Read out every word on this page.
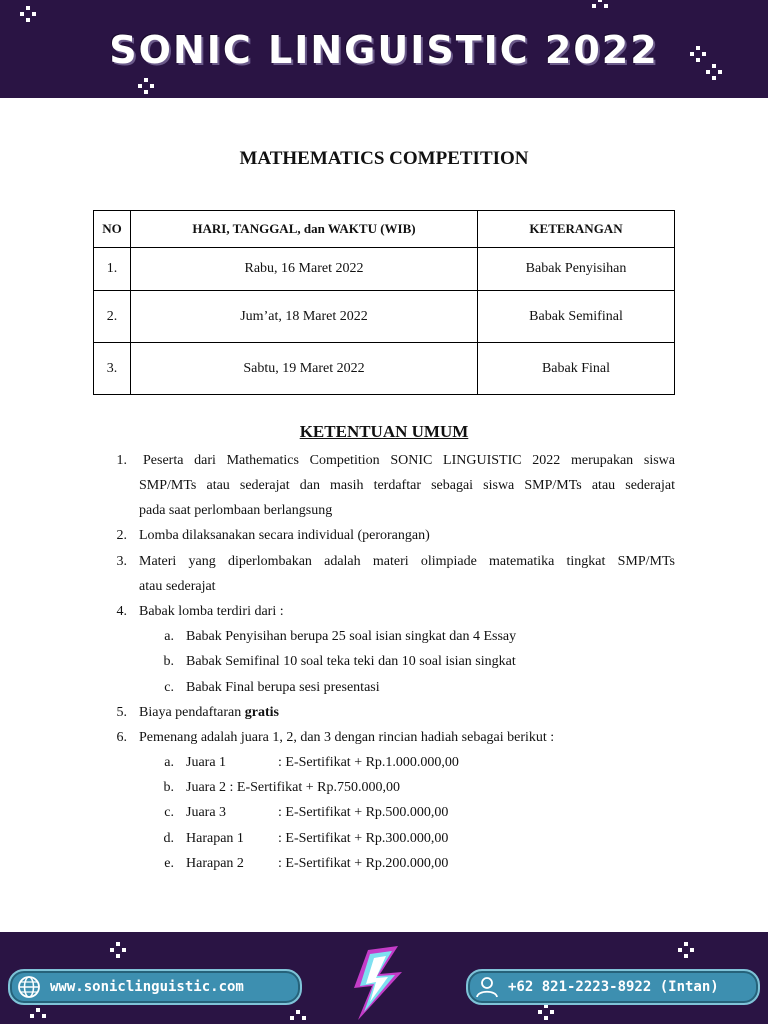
SONIC LINGUISTIC 2022
MATHEMATICS COMPETITION
NO	HARI, TANGGAL, dan WAKTU (WIB)	KETERANGAN
1.	Rabu, 16 Maret 2022	Babak Penyisihan
2.	Jum’at, 18 Maret 2022	Babak Semifinal
3.	Sabtu, 19 Maret 2022	Babak Final
KETENTUAN UMUM
1. Peserta dari Mathematics Competition SONIC LINGUISTIC 2022 merupakan siswa
SMP/MTs atau sederajat dan masih terdaftar sebagai siswa SMP/MTs atau sederajat
pada saat perlombaan berlangsung
2. Lomba dilaksanakan secara individual (perorangan)
3. Materi yang diperlombakan adalah materi olimpiade matematika tingkat SMP/MTs
atau sederajat
4. Babak lomba terdiri dari :
a. Babak Penyisihan berupa 25 soal isian singkat dan 4 Essay
b. Babak Semifinal 10 soal teka teki dan 10 soal isian singkat
c. Babak Final berupa sesi presentasi
5. Biaya pendaftaran gratis
6. Pemenang adalah juara 1, 2, dan 3 dengan rincian hadiah sebagai berikut :
a. Juara 1	: E-Sertifikat + Rp.1.000.000,00
b. Juara 2 : E-Sertifikat + Rp.750.000,00
c. Juara 3	: E-Sertifikat + Rp.500.000,00
d. Harapan 1 : E-Sertifikat + Rp.300.000,00
e. Harapan 2 : E-Sertifikat + Rp.200.000,00
www.soniclinguistic.com	+62 821-2223-8922 (Intan)
